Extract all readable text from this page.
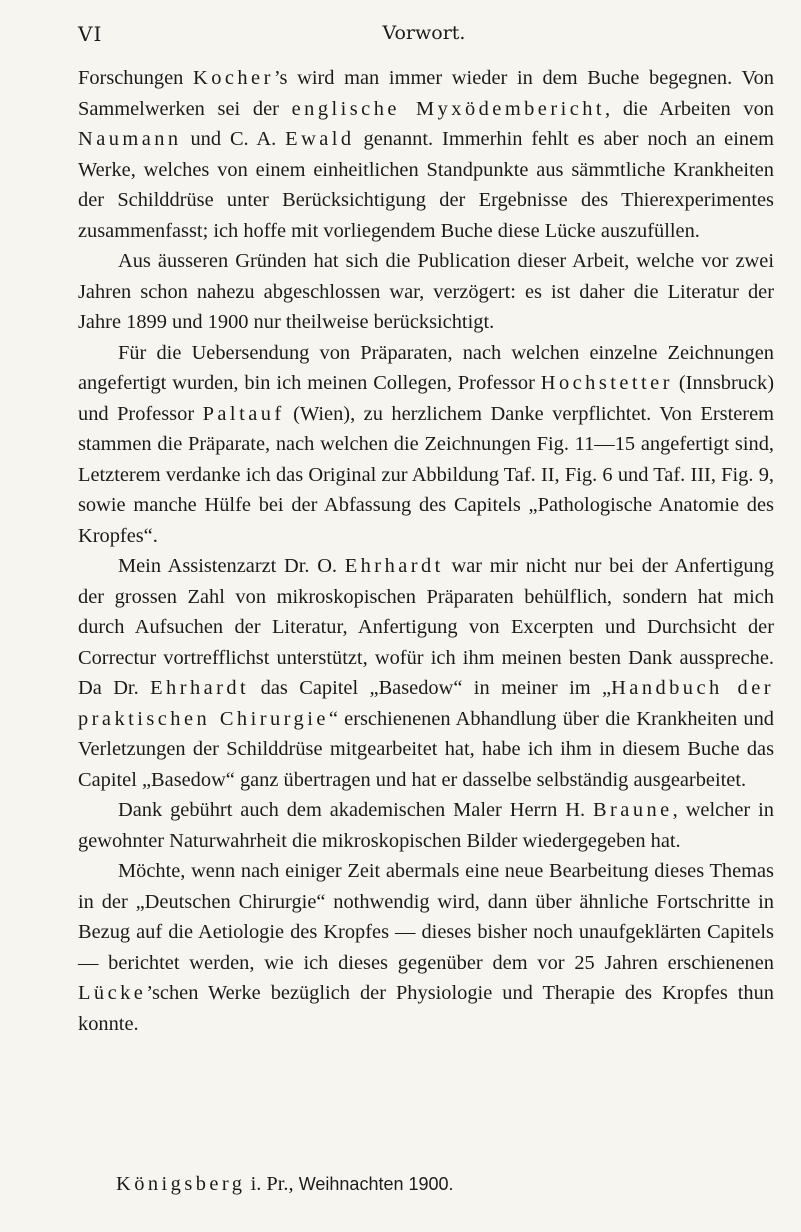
VI	Vorwort.

Forschungen Kocher’s wird man immer wieder in dem Buche begegnen. Von Sammelwerken sei der englische Myxödembericht, die Arbeiten von Naumann und C. A. Ewald genannt. Immerhin fehlt es aber noch an einem Werke, welches von einem einheitlichen Standpunkte aus sämmtliche Krankheiten der Schilddrüse unter Berücksichtigung der Ergebnisse des Thierexperimentes zusammenfasst; ich hoffe mit vorliegendem Buche diese Lücke auszufüllen.

Aus äusseren Gründen hat sich die Publication dieser Arbeit, welche vor zwei Jahren schon nahezu abgeschlossen war, verzögert: es ist daher die Literatur der Jahre 1899 und 1900 nur theilweise berücksichtigt.

Für die Uebersendung von Präparaten, nach welchen einzelne Zeichnungen angefertigt wurden, bin ich meinen Collegen, Professor Hochstetter (Innsbruck) und Professor Paltauf (Wien), zu herzlichem Danke verpflichtet. Von Ersterem stammen die Präparate, nach welchen die Zeichnungen Fig. 11—15 angefertigt sind, Letzterem verdanke ich das Original zur Abbildung Taf. II, Fig. 6 und Taf. III, Fig. 9, sowie manche Hülfe bei der Abfassung des Capitels „Pathologische Anatomie des Kropfes“.

Mein Assistenzarzt Dr. O. Ehrhardt war mir nicht nur bei der Anfertigung der grossen Zahl von mikroskopischen Präparaten behülflich, sondern hat mich durch Aufsuchen der Literatur, Anfertigung von Excerpten und Durchsicht der Correctur vortrefflichst unterstützt, wofür ich ihm meinen besten Dank ausspreche. Da Dr. Ehrhardt das Capitel „Basedow“ in meiner im „Handbuch der praktischen Chirurgie“ erschienenen Abhandlung über die Krankheiten und Verletzungen der Schilddrüse mitgearbeitet hat, habe ich ihm in diesem Buche das Capitel „Basedow“ ganz übertragen und hat er dasselbe selbständig ausgearbeitet.

Dank gebührt auch dem akademischen Maler Herrn H. Braune, welcher in gewohnter Naturwahrheit die mikroskopischen Bilder wiedergegeben hat.

Möchte, wenn nach einiger Zeit abermals eine neue Bearbeitung dieses Themas in der „Deutschen Chirurgie“ nothwendig wird, dann über ähnliche Fortschritte in Bezug auf die Aetiologie des Kropfes — dieses bisher noch unaufgeklärten Capitels — berichtet werden, wie ich dieses gegenüber dem vor 25 Jahren erschienenen Lücke’schen Werke bezüglich der Physiologie und Therapie des Kropfes thun konnte.

Königsberg i. Pr., Weihnachten 1900.
